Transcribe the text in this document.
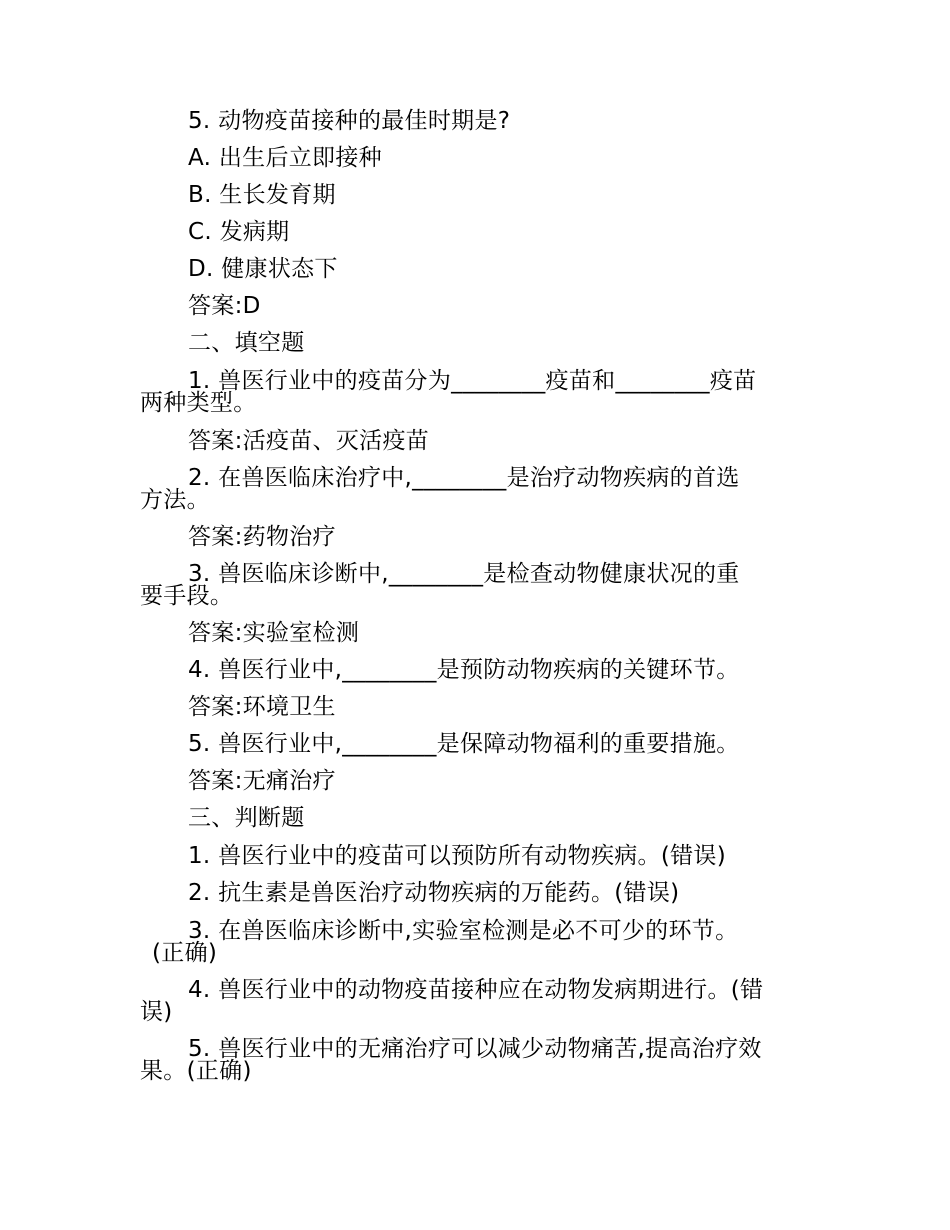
5. 动物疫苗接种的最佳时期是?
A. 出生后立即接种
B. 生长发育期
C. 发病期
D. 健康状态下
答案:D
二、填空题
1. 兽医行业中的疫苗分为________疫苗和________疫苗
两种类型。
答案:活疫苗、灭活疫苗
2. 在兽医临床治疗中,________是治疗动物疾病的首选
方法。
答案:药物治疗
3. 兽医临床诊断中,________是检查动物健康状况的重
要手段。
答案:实验室检测
4. 兽医行业中,________是预防动物疾病的关键环节。
答案:环境卫生
5. 兽医行业中,________是保障动物福利的重要措施。
答案:无痛治疗
三、判断题
1. 兽医行业中的疫苗可以预防所有动物疾病。(错误)
2. 抗生素是兽医治疗动物疾病的万能药。(错误)
3. 在兽医临床诊断中,实验室检测是必不可少的环节。
(正确)
4. 兽医行业中的动物疫苗接种应在动物发病期进行。(错
误)
5. 兽医行业中的无痛治疗可以减少动物痛苦,提高治疗效
果。(正确)
